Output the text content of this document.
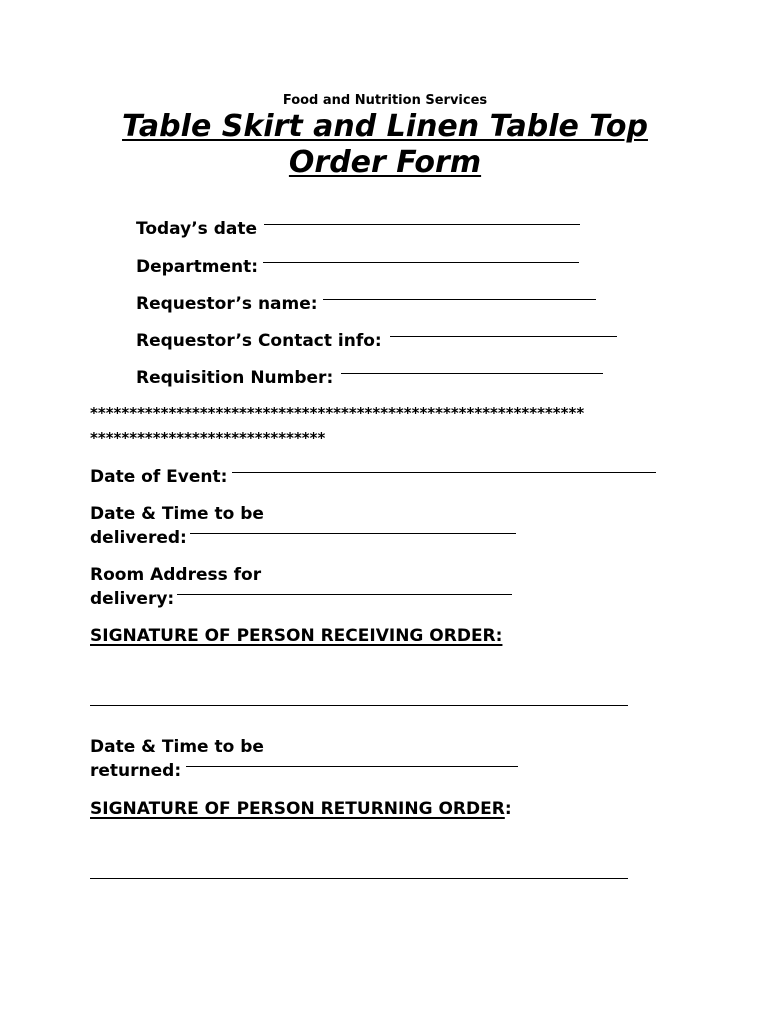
Food and Nutrition Services
Table Skirt and Linen Table Top
Order Form
Today’s date
Department:
Requestor’s name:
Requestor’s Contact info:
Requisition Number:
***************************************************************
******************************
Date of Event:
Date & Time to be
delivered:
Room Address for
delivery:
SIGNATURE OF PERSON RECEIVING ORDER:
Date & Time to be
returned:
SIGNATURE OF PERSON RETURNING ORDER:
